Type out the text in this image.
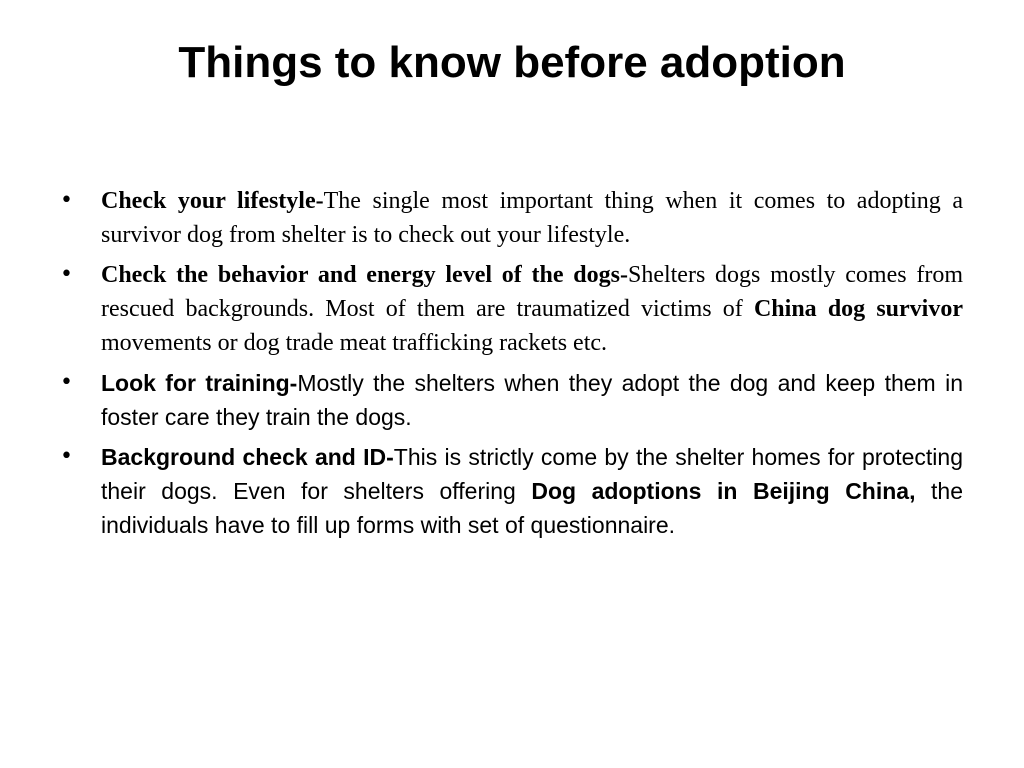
Things to know before adoption
• Check your lifestyle-The single most important thing when it comes to adopting a survivor dog from shelter is to check out your lifestyle.
• Check the behavior and energy level of the dogs-Shelters dogs mostly comes from rescued backgrounds. Most of them are traumatized victims of China dog survivor movements or dog trade meat trafficking rackets etc.
•	Look for training-Mostly the shelters when they adopt the dog and keep them in foster care they train the dogs.
•	Background check and ID-This is strictly come by the shelter homes for protecting their dogs. Even for shelters offering Dog adoptions in Beijing China, the individuals have to fill up forms with set of questionnaire.
